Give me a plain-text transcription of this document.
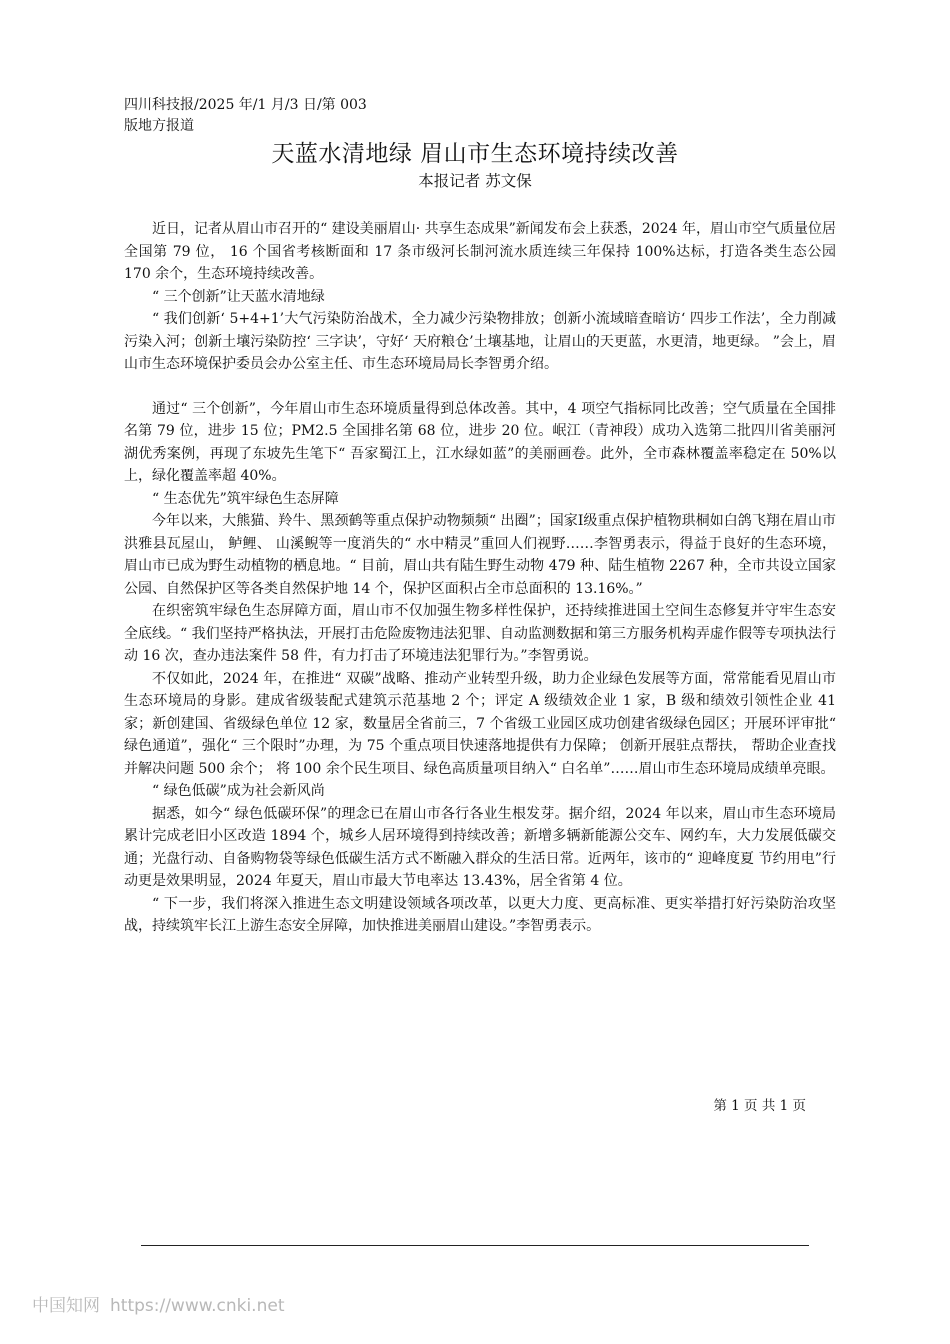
四川科技报/2025 年/1 月/3 日/第 003
版地方报道
天蓝水清地绿 眉山市生态环境持续改善
本报记者 苏文保

近日，记者从眉山市召开的“ 建设美丽眉山· 共享生态成果”新闻发布会上获悉，2024 年，眉山市空气质量位居全国第 79 位， 16 个国省考核断面和 17 条市级河长制河流水质连续三年保持 100%达标，打造各类生态公园 170 余个，生态环境持续改善。

“ 三个创新”让天蓝水清地绿

“ 我们创新‘ 5+4+1’大气污染防治战术，全力减少污染物排放；创新小流域暗查暗访‘ 四步工作法’，全力削减污染入河；创新土壤污染防控‘ 三字诀’，守好‘ 天府粮仓’土壤基地，让眉山的天更蓝，水更清，地更绿。 ”会上，眉山市生态环境保护委员会办公室主任、市生态环境局局长李智勇介绍。

通过“ 三个创新”，今年眉山市生态环境质量得到总体改善。其中，4 项空气指标同比改善；空气质量在全国排名第 79 位，进步 15 位；PM2.5 全国排名第 68 位，进步 20 位。岷江（青神段）成功入选第二批四川省美丽河湖优秀案例，再现了东坡先生笔下“ 吾家蜀江上，江水绿如蓝”的美丽画卷。此外，全市森林覆盖率稳定在 50%以上，绿化覆盖率超 40%。

“ 生态优先”筑牢绿色生态屏障

今年以来，大熊猫、羚牛、黑颈鹤等重点保护动物频频“ 出圈”；国家Ⅰ级重点保护植物珙桐如白鸽飞翔在眉山市洪雅县瓦屋山， 鲈鲤、 山溪鲵等一度消失的“ 水中精灵”重回人们视野……李智勇表示，得益于良好的生态环境，眉山市已成为野生动植物的栖息地。“ 目前，眉山共有陆生野生动物 479 种、陆生植物 2267 种，全市共设立国家公园、自然保护区等各类自然保护地 14 个，保护区面积占全市总面积的 13.16%。”

在织密筑牢绿色生态屏障方面，眉山市不仅加强生物多样性保护，还持续推进国土空间生态修复并守牢生态安全底线。“ 我们坚持严格执法，开展打击危险废物违法犯罪、自动监测数据和第三方服务机构弄虚作假等专项执法行动 16 次，查办违法案件 58 件，有力打击了环境违法犯罪行为。”李智勇说。

不仅如此，2024 年，在推进“ 双碳”战略、推动产业转型升级，助力企业绿色发展等方面，常常能看见眉山市生态环境局的身影。建成省级装配式建筑示范基地 2 个；评定 A 级绩效企业 1 家，B 级和绩效引领性企业 41 家；新创建国、省级绿色单位 12 家，数量居全省前三，7 个省级工业园区成功创建省级绿色园区；开展环评审批“ 绿色通道”，强化“ 三个限时”办理，为 75 个重点项目快速落地提供有力保障； 创新开展驻点帮扶， 帮助企业查找并解决问题 500 余个； 将 100 余个民生项目、绿色高质量项目纳入“ 白名单”……眉山市生态环境局成绩单亮眼。

“ 绿色低碳”成为社会新风尚

据悉，如今“ 绿色低碳环保”的理念已在眉山市各行各业生根发芽。据介绍，2024 年以来，眉山市生态环境局累计完成老旧小区改造 1894 个，城乡人居环境得到持续改善；新增多辆新能源公交车、网约车，大力发展低碳交通；光盘行动、自备购物袋等绿色低碳生活方式不断融入群众的生活日常。近两年，该市的“ 迎峰度夏 节约用电”行动更是效果明显，2024 年夏天，眉山市最大节电率达 13.43%，居全省第 4 位。

“ 下一步，我们将深入推进生态文明建设领域各项改革，以更大力度、更高标准、更实举措打好污染防治攻坚战，持续筑牢长江上游生态安全屏障，加快推进美丽眉山建设。”李智勇表示。

第 1 页 共 1 页
中国知网 https://www.cnki.net
